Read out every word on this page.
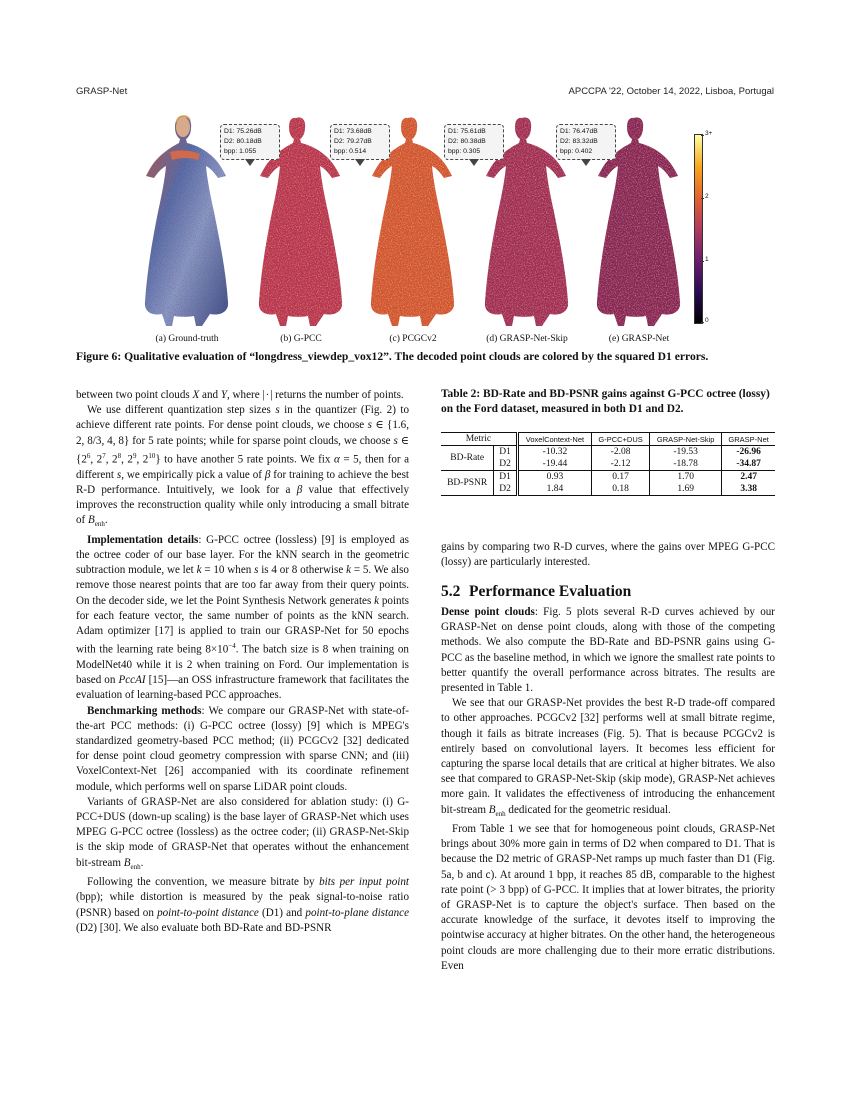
GRASP-Net	APCCPA '22, October 14, 2022, Lisboa, Portugal
(a) Ground-truth
D1: 75.26dB
D2: 80.18dB
bpp: 1.055
(b) G-PCC
D1: 73.68dB
D2: 79.27dB
bpp: 0.514
(c) PCGCv2
D1: 75.61dB
D2: 80.38dB
bpp: 0.305
(d) GRASP-Net-Skip
D1: 76.47dB
D2: 83.32dB
bpp: 0.402
(e) GRASP-Net
3+
2
1
0
Figure 6: Qualitative evaluation of “longdress_viewdep_vox12”. The decoded point clouds are colored by the squared D1 errors.

between two point clouds X and Y, where | · | returns the number of points.

We use different quantization step sizes s in the quantizer (Fig. 2) to achieve different rate points. For dense point clouds, we choose s ∈ {1.6, 2, 8/3, 4, 8} for 5 rate points; while for sparse point clouds, we choose s ∈ {$2^6$, $2^7$, $2^8$, $2^9$, $2^{10}$} to have another 5 rate points. We fix α = 5, then for a different s, we empirically pick a value of β for training to achieve the best R-D performance. Intuitively, we look for a β value that effectively improves the reconstruction quality while only introducing a small bitrate of $B_{enh}$.

Implementation details: G-PCC octree (lossless) [9] is employed as the octree coder of our base layer. For the kNN search in the geometric subtraction module, we let k = 10 when s is 4 or 8 otherwise k = 5. We also remove those nearest points that are too far away from their query points. On the decoder side, we let the Point Synthesis Network generates k points for each feature vector, the same number of points as the kNN search. Adam optimizer [17] is applied to train our GRASP-Net for 50 epochs with the learning rate being $8\times 10^{-4}$. The batch size is 8 when training on ModelNet40 while it is 2 when training on Ford. Our implementation is based on PccAI [15]—an OSS infrastructure framework that facilitates the evaluation of learning-based PCC approaches.

Benchmarking methods: We compare our GRASP-Net with state-of-the-art PCC methods: (i) G-PCC octree (lossy) [9] which is MPEG's standardized geometry-based PCC method; (ii) PCGCv2 [32] dedicated for dense point cloud geometry compression with sparse CNN; and (iii) VoxelContext-Net [26] accompanied with its coordinate refinement module, which performs well on sparse LiDAR point clouds.

Variants of GRASP-Net are also considered for ablation study: (i) G-PCC+DUS (down-up scaling) is the base layer of GRASP-Net which uses MPEG G-PCC octree (lossless) as the octree coder; (ii) GRASP-Net-Skip is the skip mode of GRASP-Net that operates without the enhancement bit-stream $B_{enh}$.

Following the convention, we measure bitrate by bits per input point (bpp); while distortion is measured by the peak signal-to-noise ratio (PSNR) based on point-to-point distance (D1) and point-to-plane distance (D2) [30]. We also evaluate both BD-Rate and BD-PSNR

Table 2: BD-Rate and BD-PSNR gains against G-PCC octree (lossy) on the Ford dataset, measured in both D1 and D2.
Metric		VoxelContext-Net	G-PCC+DUS	GRASP-Net-Skip	GRASP-Net
BD-Rate	D1	-10.32	-2.08	-19.53	-26.96
	D2	-19.44	-2.12	-18.78	-34.87
BD-PSNR	D1	0.93	0.17	1.70	2.47
	D2	1.84	0.18	1.69	3.38

gains by comparing two R-D curves, where the gains over MPEG G-PCC (lossy) are particularly interested.

5.2 Performance Evaluation

Dense point clouds: Fig. 5 plots several R-D curves achieved by our GRASP-Net on dense point clouds, along with those of the competing methods. We also compute the BD-Rate and BD-PSNR gains using G-PCC as the baseline method, in which we ignore the smallest rate points to better quantify the overall performance across bitrates. The results are presented in Table 1.

We see that our GRASP-Net provides the best R-D trade-off compared to other approaches. PCGCv2 [32] performs well at small bitrate regime, though it fails as bitrate increases (Fig. 5). That is because PCGCv2 is entirely based on convolutional layers. It becomes less efficient for capturing the sparse local details that are critical at higher bitrates. We also see that compared to GRASP-Net-Skip (skip mode), GRASP-Net achieves more gain. It validates the effectiveness of introducing the enhancement bit-stream $B_{enh}$ dedicated for the geometric residual.

From Table 1 we see that for homogeneous point clouds, GRASP-Net brings about 30% more gain in terms of D2 when compared to D1. That is because the D2 metric of GRASP-Net ramps up much faster than D1 (Fig. 5a, b and c). At around 1 bpp, it reaches 85 dB, comparable to the highest rate point (> 3 bpp) of G-PCC. It implies that at lower bitrates, the priority of GRASP-Net is to capture the object's surface. Then based on the accurate knowledge of the surface, it devotes itself to improving the pointwise accuracy at higher bitrates. On the other hand, the heterogeneous point clouds are more challenging due to their more erratic distributions. Even
